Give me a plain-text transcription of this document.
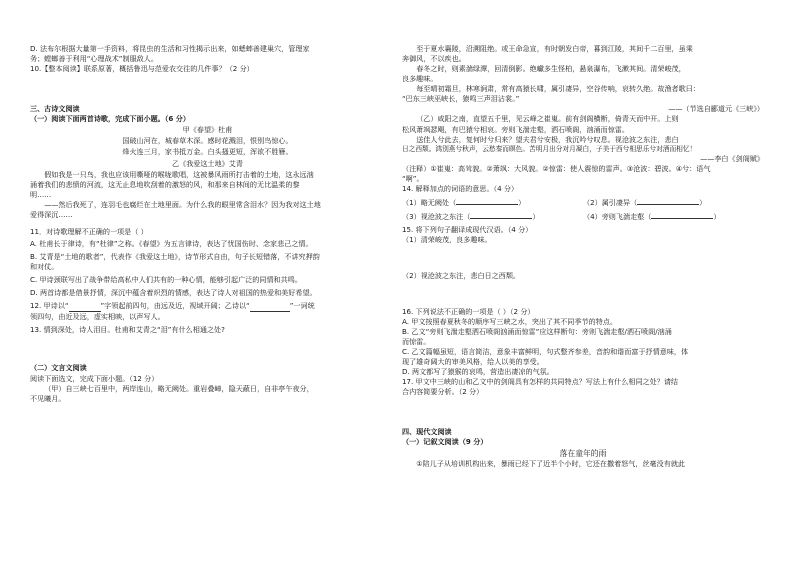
D. 法布尔根据大量第一手资料，将昆虫的生活和习性揭示出来，如蟋蟀善建巢穴，管理家

务；螳螂善于利用“心理战术”制服敌人。

10.【整本阅读】联系原著，概括鲁迅与范爱农交往的几件事？（2 分）

三、古诗文阅读

（一）阅读下面两首诗歌，完成下面小题。（6 分）

甲《春望》杜甫

国破山河在，城春草木深。感时花溅泪，恨别鸟惊心。

烽火连三月，家书抵万金。白头搔更短，浑欲不胜簪。

乙《我爱这土地》艾青

假如我是一只鸟，我也应该用嘶哑的喉咙歌唱，这被暴风雨所打击着的土地，这永远汹

涌着我们的悲愤的河流，这无止息地吹刮着的激怒的风，和那来自林间的无比温柔的黎

明……

——然后我死了，连羽毛也腐烂在土地里面。为什么我的眼里常含泪水？因为我对这土地

爱得深沉……

11．对诗歌理解不正确的一项是（ ）

A. 杜甫长于律诗，有“杜律”之称。《春望》为五言律诗，表达了忧国伤时、念家悲己之情。

B. 艾青是“土地的歌者”，代表作《我爱这土地》，诗节形式自由，句子长短错落，不讲究押韵

和对仗。

C. 甲诗颈联写出了战争带给高私中人们共有的一种心情，能够引起广泛的同情和共鸣。

D. 两首诗都是借景抒情，深沉中蕴含着炽烈的情感，表达了诗人对祖国的热爱和美好希望。

12. 甲诗以“	”字领起前四句，由远及近，视域开阔；乙诗以“	”一词统

领四句，由近及远，虚实相映，以声写人。

13. 情到深处，诗人泪目。杜甫和艾青之“泪”有什么相通之处?

（二）文言文阅读

阅读下面选文，完成下面小题。（12 分）

（甲）自三峡七百里中，两岸连山，略无阙处。重岩叠嶂，隐天蔽日，自非亭午夜分，

不见曦月。

至于夏水襄陵，沿溯阻绝。或王命急宣，有时朝发白帝，暮到江陵，其间千二百里，虽乘

奔御风，不以疾也。

春冬之时，则素湍绿潭，回清倒影。绝巘多生怪柏，悬泉瀑布，飞漱其间。清荣峻茂，

良多趣味。

每至晴初霜旦，林寒涧肃，常有高猿长啸，属引凄异，空谷传响，哀转久绝。故渔者歌曰：

“巴东三峡巫峡长，猿鸣三声泪沾裳。”

——（节选自郦道元《三峡》）

（乙）咸阳之南，直望五千里，见云峰之崔嵬。前有剑阁横断，倚青天而中开。上则

松风萧飒瑟飓，有巴猿兮相哀。旁则飞湍走壑，洒石喷阁，汹涌而惊雷。

送佳人兮此去，复何时兮归来？望夫君兮安极，我沉吟兮叹息。视沧波之东注，悲白

日之西颓。鸿别燕兮秋声，云愁秦而暝色。苦明月出分对月凝白，子美于西兮相思乐兮对酒而相忆！

——李白《剑阁赋》

（注释）①崔嵬：高耸貌。②萧飒：大风貌。②惊雷：使人震惊的雷声。③沧波：碧波。④兮：语气

“啊”。

14. 解释加点的词语的意思。（4 分）

（1）略无阙处（	）	（2）属引凄异（	）
（3）视沧波之东注（	）	（4）旁则飞湍走壑（	）

15. 将下列句子翻译成现代汉语。（4 分）

（1）清荣峻茂，良多趣味。

（2）视沧波之东注，悲白日之西颓。

16. 下列说法不正确的一项是（ ）（2 分）

A. 甲文按照春夏秋冬的顺序写三峡之水，突出了其不同季节的特点。

B. 乙文“旁则飞湍走壑洒石喷阁汹涌而惊雷”应这样断句：旁则飞湍走壑/洒石喷阁/汹涌

而惊雷。

C. 乙文篇幅虽短，语言简洁，意象丰富鲜明，句式整齐参差，音韵和谐而富于抒情意味，体

现了雄奇阔大的审美风格，给人以美的享受。

D. 两文都写了猿猴的哀鸣，营造出凄凉的气氛。

17. 甲文中三峡的山和乙文中的剑阁具有怎样的共同特点？写法上有什么相同之处？请结

合内容简要分析。（2 分）

四、现代文阅读

（一）记叙文阅读（9 分）

落在童年的雨

①陪儿子从培训机构出来，暴雨已经下了近半个小时，它还在撒着怒气，丝毫没有就此
